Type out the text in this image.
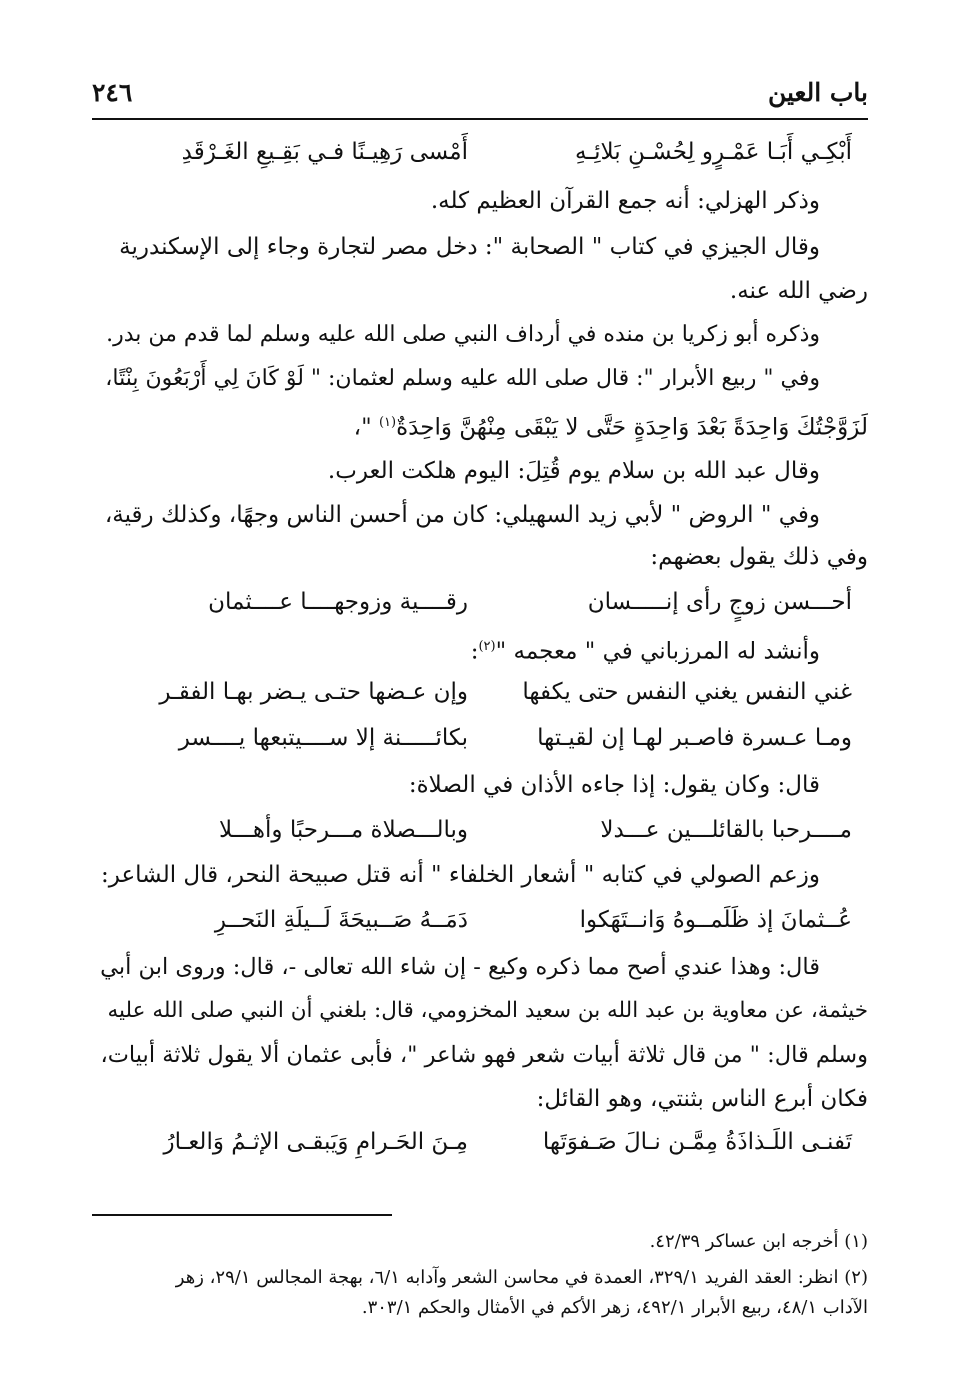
باب العين
٢٤٦
أَبْكِـي أَبَـا عَمْـرٍو لِحُسْـنِ بَلائِـهِ
أَمْسى رَهِيـنًا فـي بَقِـيعِ الغَـرْقَدِ
وذكر الهزلي: أنه جمع القرآن العظيم كله.
وقال الجيزي في كتاب " الصحابة ": دخل مصر لتجارة وجاء إلى الإسكندرية
رضي الله عنه.
وذكره أبو زكريا بن منده في أرداف النبي صلى الله عليه وسلم لما قدم من بدر.
وفي " ربيع الأبرار ": قال صلى الله عليه وسلم لعثمان: " لَوْ كَانَ لِي أَرْبَعُونَ بِنْتًا،
لَزَوَّجْتُكَ وَاحِدَةً بَعْدَ وَاحِدَةٍ حَتَّى لا يَبْقَى مِنْهُنَّ وَاحِدَةٌ$^{(١)}$ "،
وقال عبد الله بن سلام يوم قُتِلَ: اليوم هلكت العرب.
وفي " الروض " لأبي زيد السهيلي: كان من أحسن الناس وجهًا، وكذلك رقية،
وفي ذلك يقول بعضهم:
أحـــسن زوجٍ رأى إنـــــسان
رقــــية وزوجهــــا عــــثمان
وأنشد له المرزباني في " معجمه "$^{(٢)}$:
غني النفس يغني النفس حتى يكفها
وإن عـضها حتـى يـضر بهـا الفقـر
ومـا عـسرة فاصـبر لهـا إن لقيـتها
بكائـــــنة إلا ســــيتبعها يــــسر
قال: وكان يقول: إذا جاءه الأذان في الصلاة:
مــــرحبا بالقائلـــين عـــدلا
وبالـــصلاة مـــرحبًا وأهـــلا
وزعم الصولي في كتابه " أشعار الخلفاء " أنه قتل صبيحة النحر، قال الشاعر:
عُــثمانَ إذ ظَلَمــوهُ وَانــتَهَكوا
دَمَــهُ صَــبيحَةَ لَــيلَةِ النَحــرِ
قال: وهذا عندي أصح مما ذكره وكيع - إن شاء الله تعالى -، قال: وروى ابن أبي
خيثمة، عن معاوية بن عبد الله بن سعيد المخزومي، قال: بلغني أن النبي صلى الله عليه
وسلم قال: " من قال ثلاثة أبيات شعر فهو شاعر "، فأبى عثمان ألا يقول ثلاثة أبيات،
فكان أبرع الناس بثنتي، وهو القائل:
تَفنـى اللَـذاذَةُ مِمَّـن نـالَ صَـفوَتَها
مِـنَ الحَـرامِ وَيَبقـى الإثـمُ وَالعـارُ
(١) أخرجه ابن عساكر ٤٢/٣٩.
(٢) انظر: العقد الفريد ٣٢٩/١، العمدة في محاسن الشعر وآدابه ٦/١، بهجة المجالس ٢٩/١، زهر
الآداب ٤٨/١، ربيع الأبرار ٤٩٢/١، زهر الأكم في الأمثال والحكم ٣٠٣/١.
